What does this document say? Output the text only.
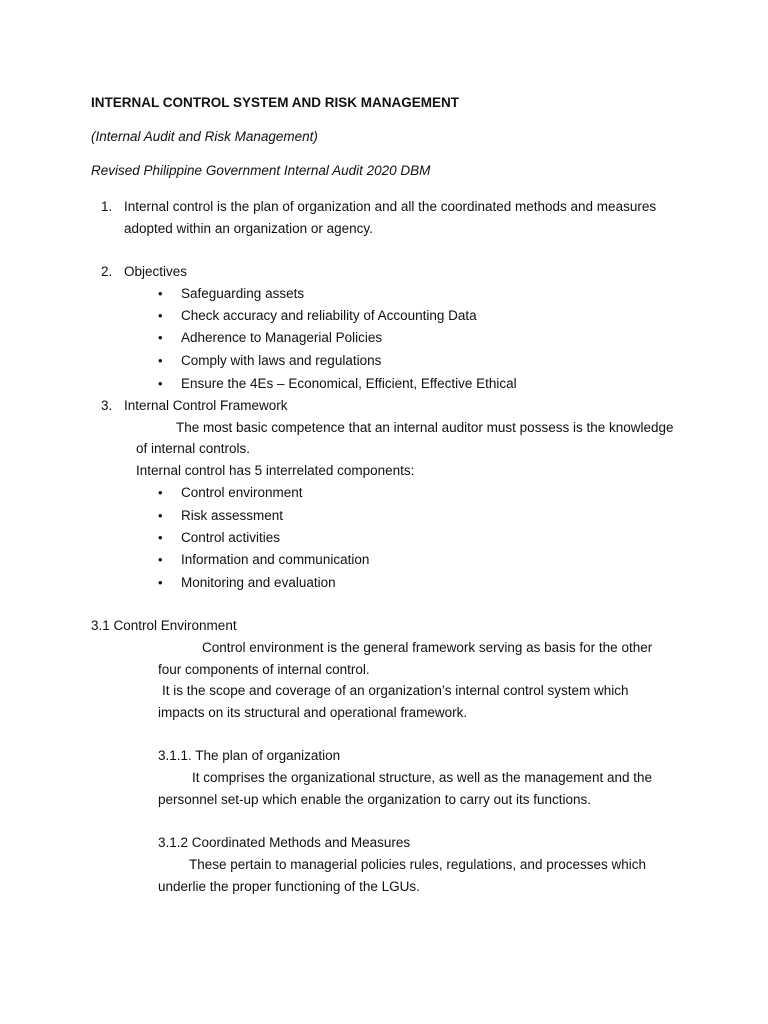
INTERNAL CONTROL SYSTEM AND RISK MANAGEMENT
(Internal Audit and Risk Management)
Revised Philippine Government Internal Audit 2020 DBM
1. Internal control is the plan of organization and all the coordinated methods and measures
adopted within an organization or agency.
2. Objectives
• Safeguarding assets
• Check accuracy and reliability of Accounting Data
• Adherence to Managerial Policies
• Comply with laws and regulations
• Ensure the 4Es – Economical, Efficient, Effective Ethical
3. Internal Control Framework
The most basic competence that an internal auditor must possess is the knowledge
of internal controls.
Internal control has 5 interrelated components:
• Control environment
• Risk assessment
• Control activities
• Information and communication
• Monitoring and evaluation
3.1 Control Environment
Control environment is the general framework serving as basis for the other
four components of internal control.
It is the scope and coverage of an organization’s internal control system which
impacts on its structural and operational framework.
3.1.1. The plan of organization
It comprises the organizational structure, as well as the management and the
personnel set-up which enable the organization to carry out its functions.
3.1.2 Coordinated Methods and Measures
These pertain to managerial policies rules, regulations, and processes which
underlie the proper functioning of the LGUs.
